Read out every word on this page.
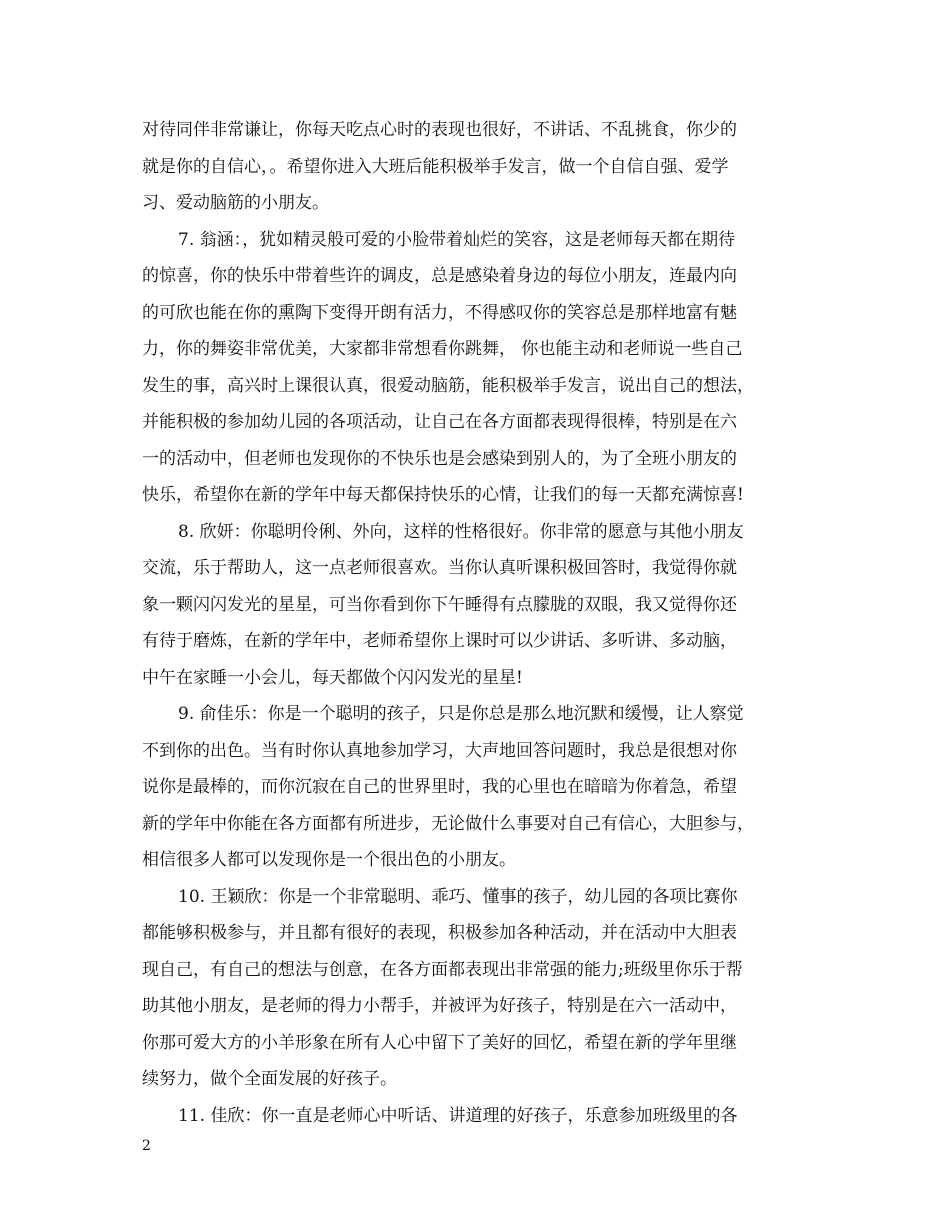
对待同伴非常谦让，你每天吃点心时的表现也很好，不讲话、不乱挑食，你少的
就是你的自信心，。希望你进入大班后能积极举手发言，做一个自信自强、爱学
习、爱动脑筋的小朋友。
7. 翁涵：，犹如精灵般可爱的小脸带着灿烂的笑容，这是老师每天都在期待
的惊喜，你的快乐中带着些许的调皮，总是感染着身边的每位小朋友，连最内向
的可欣也能在你的熏陶下变得开朗有活力，不得感叹你的笑容总是那样地富有魅
力，你的舞姿非常优美，大家都非常想看你跳舞， 你也能主动和老师说一些自己
发生的事，高兴时上课很认真，很爱动脑筋，能积极举手发言，说出自己的想法，
并能积极的参加幼儿园的各项活动，让自己在各方面都表现得很棒，特别是在六
一的活动中，但老师也发现你的不快乐也是会感染到别人的，为了全班小朋友的
快乐，希望你在新的学年中每天都保持快乐的心情，让我们的每一天都充满惊喜!
8. 欣妍：你聪明伶俐、外向，这样的性格很好。你非常的愿意与其他小朋友
交流，乐于帮助人，这一点老师很喜欢。当你认真听课积极回答时，我觉得你就
象一颗闪闪发光的星星，可当你看到你下午睡得有点朦胧的双眼，我又觉得你还
有待于磨炼，在新的学年中，老师希望你上课时可以少讲话、多听讲、多动脑，
中午在家睡一小会儿，每天都做个闪闪发光的星星!
9. 俞佳乐：你是一个聪明的孩子，只是你总是那么地沉默和缓慢，让人察觉
不到你的出色。当有时你认真地参加学习，大声地回答问题时，我总是很想对你
说你是最棒的，而你沉寂在自己的世界里时，我的心里也在暗暗为你着急，希望
新的学年中你能在各方面都有所进步，无论做什么事要对自己有信心，大胆参与，
相信很多人都可以发现你是一个很出色的小朋友。
10. 王颖欣：你是一个非常聪明、乖巧、懂事的孩子，幼儿园的各项比赛你
都能够积极参与，并且都有很好的表现，积极参加各种活动，并在活动中大胆表
现自己，有自己的想法与创意，在各方面都表现出非常强的能力;班级里你乐于帮
助其他小朋友，是老师的得力小帮手，并被评为好孩子，特别是在六一活动中，
你那可爱大方的小羊形象在所有人心中留下了美好的回忆，希望在新的学年里继
续努力，做个全面发展的好孩子。
11. 佳欣：你一直是老师心中听话、讲道理的好孩子，乐意参加班级里的各
2
